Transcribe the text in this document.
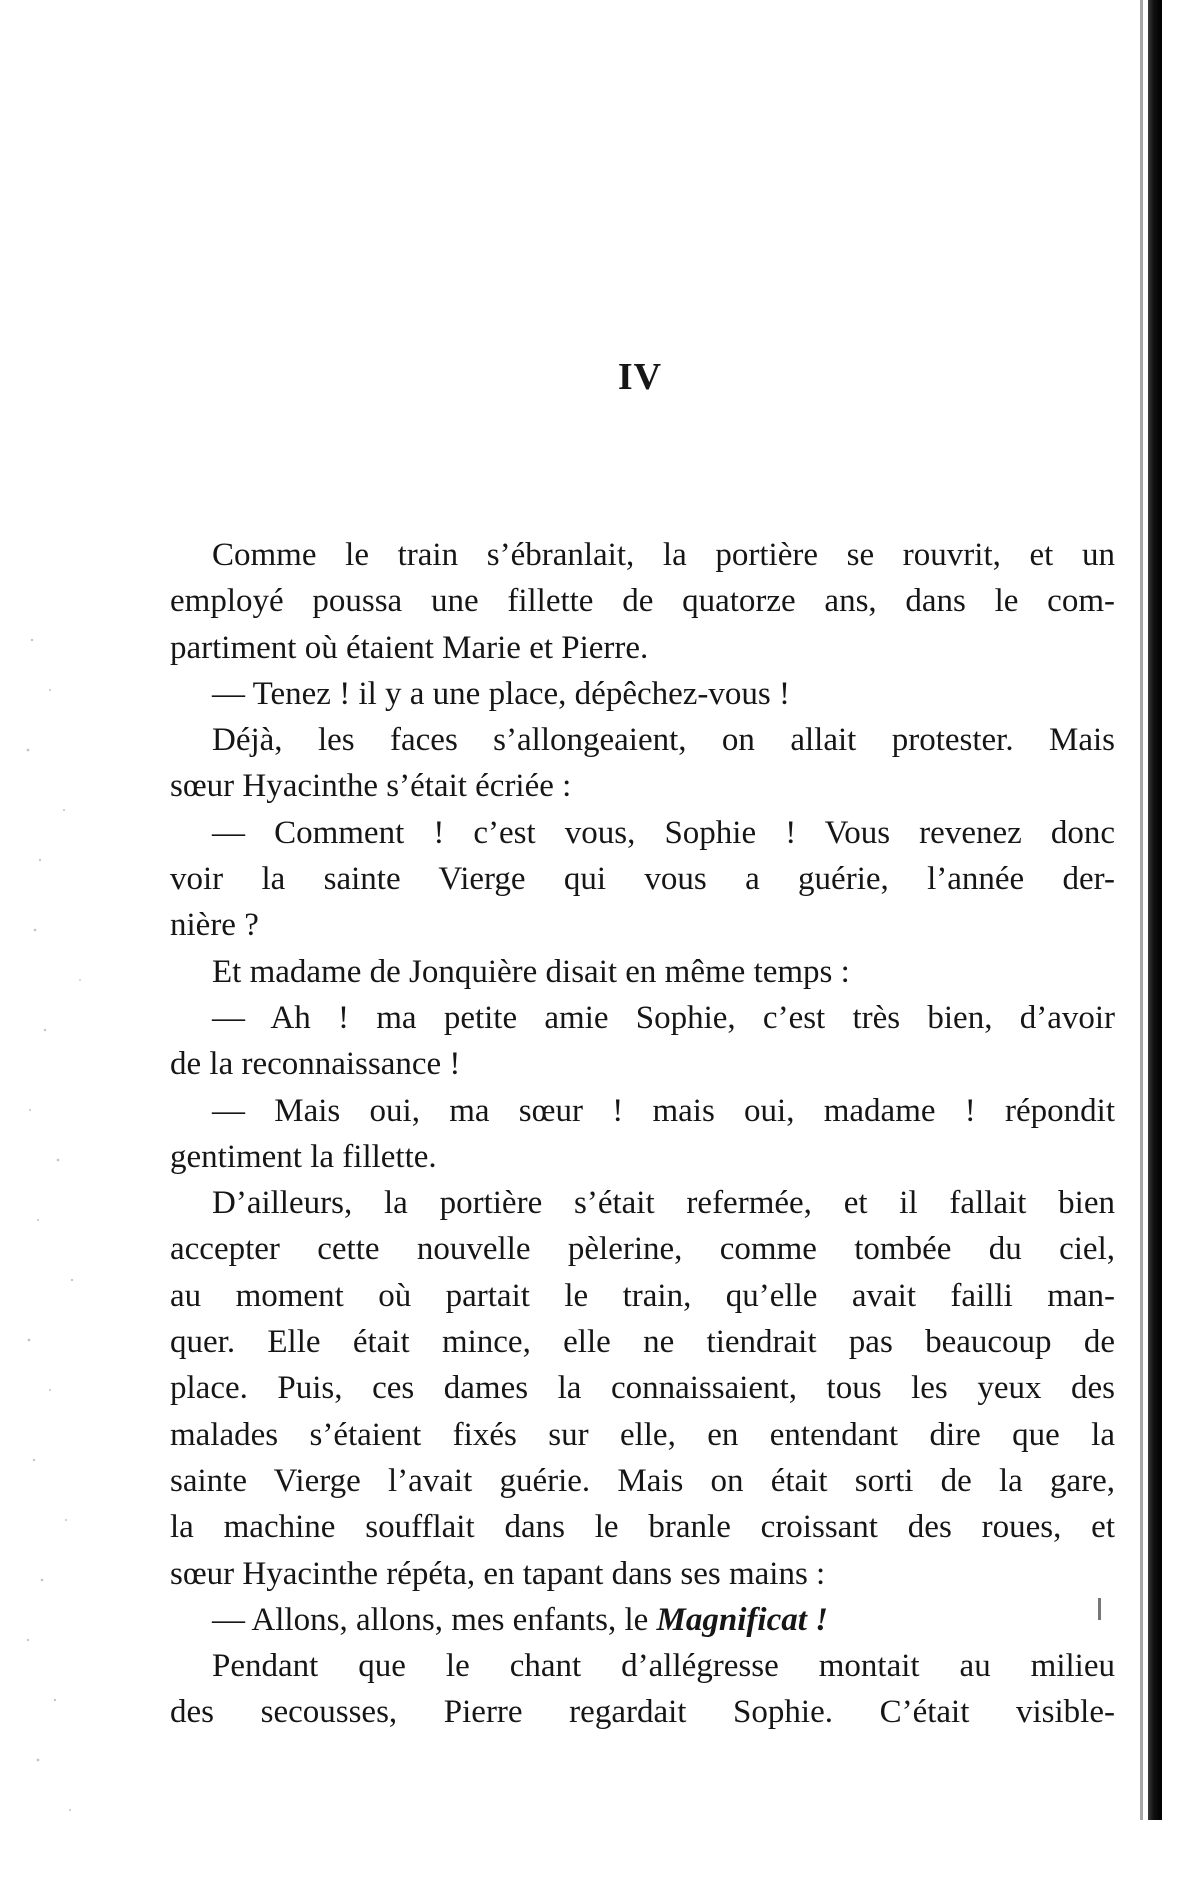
IV
Comme le train s’ébranlait, la portière se rouvrit, et un
employé poussa une fillette de quatorze ans, dans le com-
partiment où étaient Marie et Pierre.
— Tenez ! il y a une place, dépêchez-vous !
Déjà, les faces s’allongeaient, on allait protester. Mais
sœur Hyacinthe s’était écriée :
— Comment ! c’est vous, Sophie ! Vous revenez donc
voir la sainte Vierge qui vous a guérie, l’année der-
nière ?
Et madame de Jonquière disait en même temps :
— Ah ! ma petite amie Sophie, c’est très bien, d’avoir
de la reconnaissance !
— Mais oui, ma sœur ! mais oui, madame ! répondit
gentiment la fillette.
D’ailleurs, la portière s’était refermée, et il fallait bien
accepter cette nouvelle pèlerine, comme tombée du ciel,
au moment où partait le train, qu’elle avait failli man-
quer. Elle était mince, elle ne tiendrait pas beaucoup de
place. Puis, ces dames la connaissaient, tous les yeux des
malades s’étaient fixés sur elle, en entendant dire que la
sainte Vierge l’avait guérie. Mais on était sorti de la gare,
la machine soufflait dans le branle croissant des roues, et
sœur Hyacinthe répéta, en tapant dans ses mains :
— Allons, allons, mes enfants, le Magnificat !
Pendant que le chant d’allégresse montait au milieu
des secousses, Pierre regardait Sophie. C’était visible-
